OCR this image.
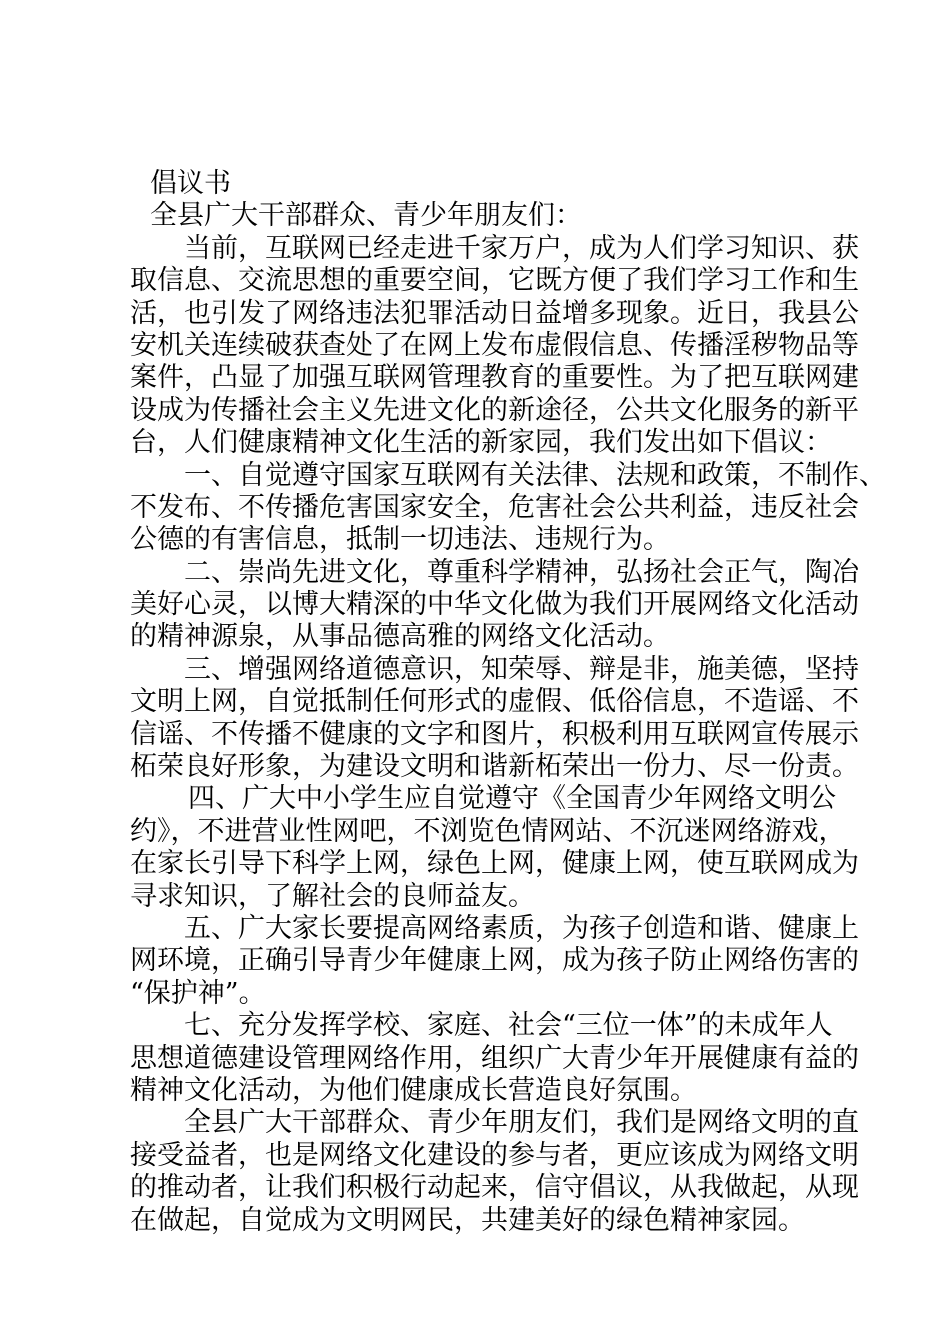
倡议书
全县广大干部群众、青少年朋友们：
当前，互联网已经走进千家万户，成为人们学习知识、获
取信息、交流思想的重要空间，它既方便了我们学习工作和生
活，也引发了网络违法犯罪活动日益增多现象。近日，我县公
安机关连续破获查处了在网上发布虚假信息、传播淫秽物品等
案件，凸显了加强互联网管理教育的重要性。为了把互联网建
设成为传播社会主义先进文化的新途径，公共文化服务的新平
台，人们健康精神文化生活的新家园，我们发出如下倡议：
一、自觉遵守国家互联网有关法律、法规和政策，不制作、
不发布、不传播危害国家安全，危害社会公共利益，违反社会
公德的有害信息，抵制一切违法、违规行为。
二、崇尚先进文化，尊重科学精神，弘扬社会正气，陶冶
美好心灵，以博大精深的中华文化做为我们开展网络文化活动
的精神源泉，从事品德高雅的网络文化活动。
三、增强网络道德意识，知荣辱、辩是非，施美德，坚持
文明上网，自觉抵制任何形式的虚假、低俗信息，不造谣、不
信谣、不传播不健康的文字和图片，积极利用互联网宣传展示
柘荣良好形象，为建设文明和谐新柘荣出一份力、尽一份责。
四、广大中小学生应自觉遵守《全国青少年网络文明公
约》，不进营业性网吧，不浏览色情网站、不沉迷网络游戏，
在家长引导下科学上网，绿色上网，健康上网，使互联网成为
寻求知识，了解社会的良师益友。
五、广大家长要提高网络素质，为孩子创造和谐、健康上
网环境，正确引导青少年健康上网，成为孩子防止网络伤害的
“保护神”。
七、充分发挥学校、家庭、社会“三位一体”的未成年人
思想道德建设管理网络作用，组织广大青少年开展健康有益的
精神文化活动，为他们健康成长营造良好氛围。
全县广大干部群众、青少年朋友们，我们是网络文明的直
接受益者，也是网络文化建设的参与者，更应该成为网络文明
的推动者，让我们积极行动起来，信守倡议，从我做起，从现
在做起，自觉成为文明网民，共建美好的绿色精神家园。
